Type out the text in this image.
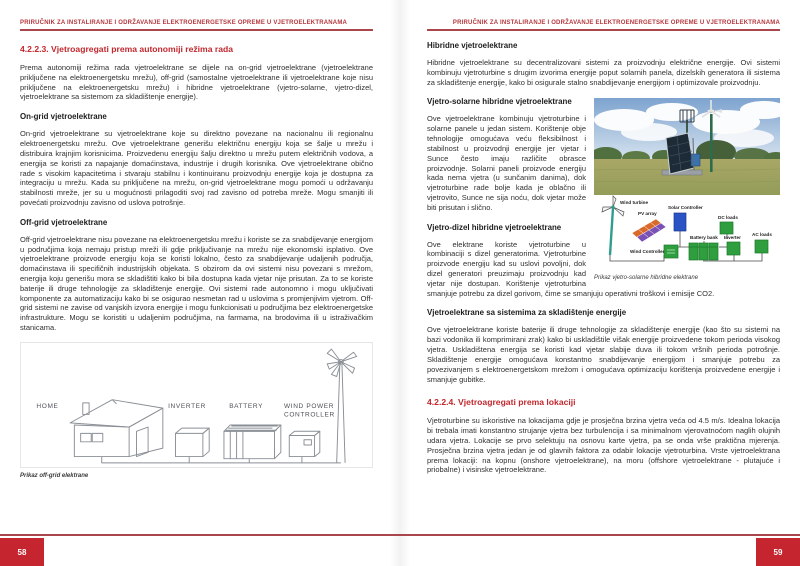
PRIRUČNIK ZA INSTALIRANJE I ODRŽAVANJE ELEKTROENERGETSKE OPREME U VJETROELEKTRANAMA
4.2.2.3. Vjetroagregati prema autonomiji režima rada

Prema autonomiji režima rada vjetroelektrane se dijele na on-grid vjetroelektrane (vjetroelektrane priključene na elektroenergetsku mrežu), off-grid (samostalne vjetroelektrane ili vjetroelektrane koje nisu priključene na elektroenergetsku mrežu) i hibridne vjetroelektrane (vjetro-solarne, vjetro-dizel, vjetroelektrane sa sistemom za skladištenje energije).

On-grid vjetroelektrane

On-grid vjetroelektrane su vjetroelektrane koje su direktno povezane na nacionalnu ili regionalnu elektroenergetsku mrežu. Ove vjetroelektrane generišu električnu energiju koja se šalje u mrežu i distribuira krajnjim korisnicima. Proizvedenu energiju šalju direktno u mrežu putem električnih vodova, a energija se koristi za napajanje domaćinstava, industrije i drugih korisnika. Ove vjetroelektrane obično rade s visokim kapacitetima i stvaraju stabilnu i kontinuiranu proizvodnju energije koja je dostupna za integraciju u mrežu. Kada su priključene na mrežu, on-grid vjetroelektrane mogu pomoći u održavanju stabilnosti mreže, jer su u mogućnosti prilagoditi svoj rad zavisno od potreba mreže. Mogu smanjiti ili povećati proizvodnju zavisno od uslova potrošnje.

Off-grid vjetroelektrane

Off-grid vjetroelektrane nisu povezane na elektroenergetsku mrežu i koriste se za snabdijevanje energijom u područjima koja nemaju pristup mreži ili gdje priključivanje na mrežu nije ekonomski isplativo. Ove vjetroelektrane proizvode energiju koja se koristi lokalno, često za snabdijevanje udaljenih područja, domaćinstava ili specifičnih industrijskih objekata. S obzirom da ovi sistemi nisu povezani s mrežom, energija koju generišu mora se skladištiti kako bi bila dostupna kada vjetar nije prisutan. Za to se koriste baterije ili druge tehnologije za skladištenje energije. Ovi sistemi rade autonomno i mogu uključivati komponente za automatizaciju kako bi se osigurao nesmetan rad u uslovima s promjenjivim vjetrom. Off-grid sistemi ne zavise od vanjskih izvora energije i mogu funkcionisati u područjima bez elektroenergetske infrastrukture. Mogu se koristiti u udaljenim područjima, na farmama, na brodovima ili u istraživačkim stanicama.

HOME	INVERTER	BATTERY	WIND POWER
CONTROLLER
Prikaz off-grid elektrane
PRIRUČNIK ZA INSTALIRANJE I ODRŽAVANJE ELEKTROENERGETSKE OPREME U VJETROELEKTRANAMA
Hibridne vjetroelektrane

Hibridne vjetroelektrane su decentralizovani sistemi za proizvodnju električne energije. Ovi sistemi kombinuju vjetroturbine s drugim izvorima energije poput solarnih panela, dizelskih generatora ili sistema za skladištenje energije, kako bi osigurale stalno snabdijevanje energijom i optimizovale proizvodnju.

Wind turbine
PV array
Solar Controller
DC loads
Battery bank Inverter
AC loads
Wind Controller
Prikaz vjetro-solarne hibridne elektrane
Vjetro-solarne hibridne vjetroelektrane

Ove vjetroelektrane kombinuju vjetroturbine i solarne panele u jedan sistem. Korištenje obje tehnologije omogućava veću fleksibilnost i stabilnost u proizvodnji energije jer vjetar i Sunce često imaju različite obrasce proizvodnje. Solarni paneli proizvode energiju kada nema vjetra (u sunčanim danima), dok vjetroturbine rade bolje kada je oblačno ili vjetrovito, Sunce ne sija noću, dok vjetar može biti prisutan i slično.

Vjetro-dizel hibridne vjetroelektrane

Ove elektrane koriste vjetroturbine u kombinaciji s dizel generatorima. Vjetroturbine proizvode energiju kad su uslovi povoljni, dok dizel generatori preuzimaju proizvodnju kad vjetar nije dostupan. Korištenje vjetroturbina smanjuje potrebu za dizel gorivom, čime se smanjuju operativni troškovi i emisije CO2.

Vjetroelektrane sa sistemima za skladištenje energije

Ove vjetroelektrane koriste baterije ili druge tehnologije za skladištenje energije (kao što su sistemi na bazi vodonika ili komprimirani zrak) kako bi uskladištile višak energije proizvedene tokom perioda visokog vjetra. Uskladištena energija se koristi kad vjetar slabije duva ili tokom vršnih perioda potrošnje. Skladištenje energije omogućava konstantno snabdijevanje energijom i smanjuje potrebu za povezivanjem s elektroenergetskom mrežom i omogućava optimizaciju korištenja proizvedene energije i smanjuje gubitke.

4.2.2.4. Vjetroagregati prema lokaciji

Vjetroturbine su iskoristive na lokacijama gdje je prosječna brzina vjetra veća od 4.5 m/s. Idealna lokacija bi trebala imati konstantno strujanje vjetra bez turbulencija i sa minimalnom vjerovatnoćom naglih olujnih udara vjetra. Lokacije se prvo selektuju na osnovu karte vjetra, pa se onda vrše praktična mjerenja. Prosječna brzina vjetra jedan je od glavnih faktora za odabir lokacije vjetroturbina. Vrste vjetroelektrana prema lokaciji: na kopnu (onshore vjetroelektrane), na moru (offshore vjetroelektrane - plutajuće i priobalne) i visinske vjetroelektrane.

58	59
